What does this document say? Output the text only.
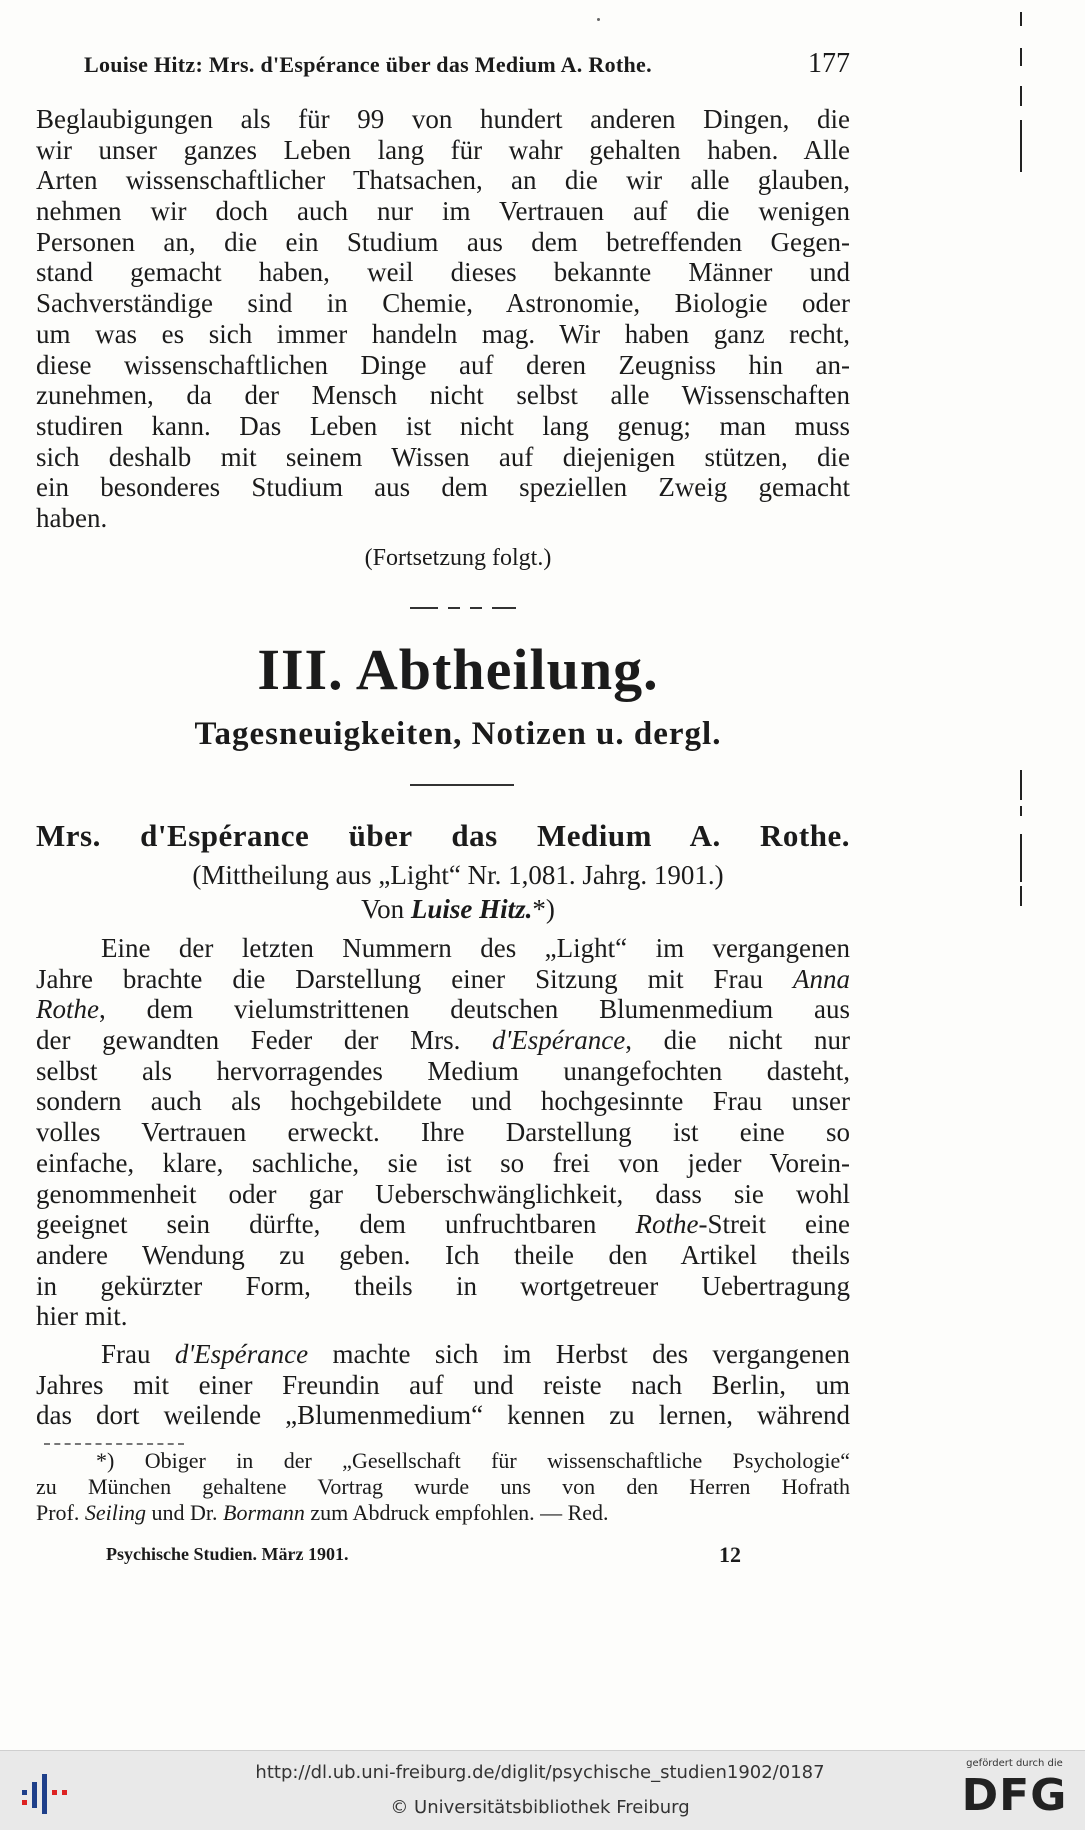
Louise Hitz: Mrs. d'Espérance über das Medium A. Rothe.	177
Beglaubigungen als für 99 von hundert anderen Dingen, die
wir unser ganzes Leben lang für wahr gehalten haben. Alle
Arten wissenschaftlicher Thatsachen, an die wir alle glauben,
nehmen wir doch auch nur im Vertrauen auf die wenigen
Personen an, die ein Studium aus dem betreffenden Gegen-
stand gemacht haben, weil dieses bekannte Männer und
Sachverständige sind in Chemie, Astronomie, Biologie oder
um was es sich immer handeln mag. Wir haben ganz recht,
diese wissenschaftlichen Dinge auf deren Zeugniss hin an-
zunehmen, da der Mensch nicht selbst alle Wissenschaften
studiren kann. Das Leben ist nicht lang genug; man muss
sich deshalb mit seinem Wissen auf diejenigen stützen, die
ein besonderes Studium aus dem speziellen Zweig gemacht
haben.
(Fortsetzung folgt.)
III. Abtheilung.
Tagesneuigkeiten, Notizen u. dergl.
Mrs. d'Espérance über das Medium A. Rothe.
(Mittheilung aus „Light“ Nr. 1,081. Jahrg. 1901.)
Von Luise Hitz.*)
Eine der letzten Nummern des „Light“ im vergangenen
Jahre brachte die Darstellung einer Sitzung mit Frau Anna
Rothe, dem vielumstrittenen deutschen Blumenmedium aus
der gewandten Feder der Mrs. d'Espérance, die nicht nur
selbst als hervorragendes Medium unangefochten dasteht,
sondern auch als hochgebildete und hochgesinnte Frau unser
volles Vertrauen erweckt. Ihre Darstellung ist eine so
einfache, klare, sachliche, sie ist so frei von jeder Vorein-
genommenheit oder gar Ueberschwänglichkeit, dass sie wohl
geeignet sein dürfte, dem unfruchtbaren Rothe-Streit eine
andere Wendung zu geben. Ich theile den Artikel theils
in gekürzter Form, theils in wortgetreuer Uebertragung
hier mit.
Frau d'Espérance machte sich im Herbst des vergangenen
Jahres mit einer Freundin auf und reiste nach Berlin, um
das dort weilende „Blumenmedium“ kennen zu lernen, während
*) Obiger in der „Gesellschaft für wissenschaftliche Psychologie“
zu München gehaltene Vortrag wurde uns von den Herren Hofrath
Prof. Seiling und Dr. Bormann zum Abdruck empfohlen. — Red.
Psychische Studien. März 1901.	12
http://dl.ub.uni-freiburg.de/diglit/psychische_studien1902/0187
© Universitätsbibliothek Freiburg
gefördert durch die
DFG
